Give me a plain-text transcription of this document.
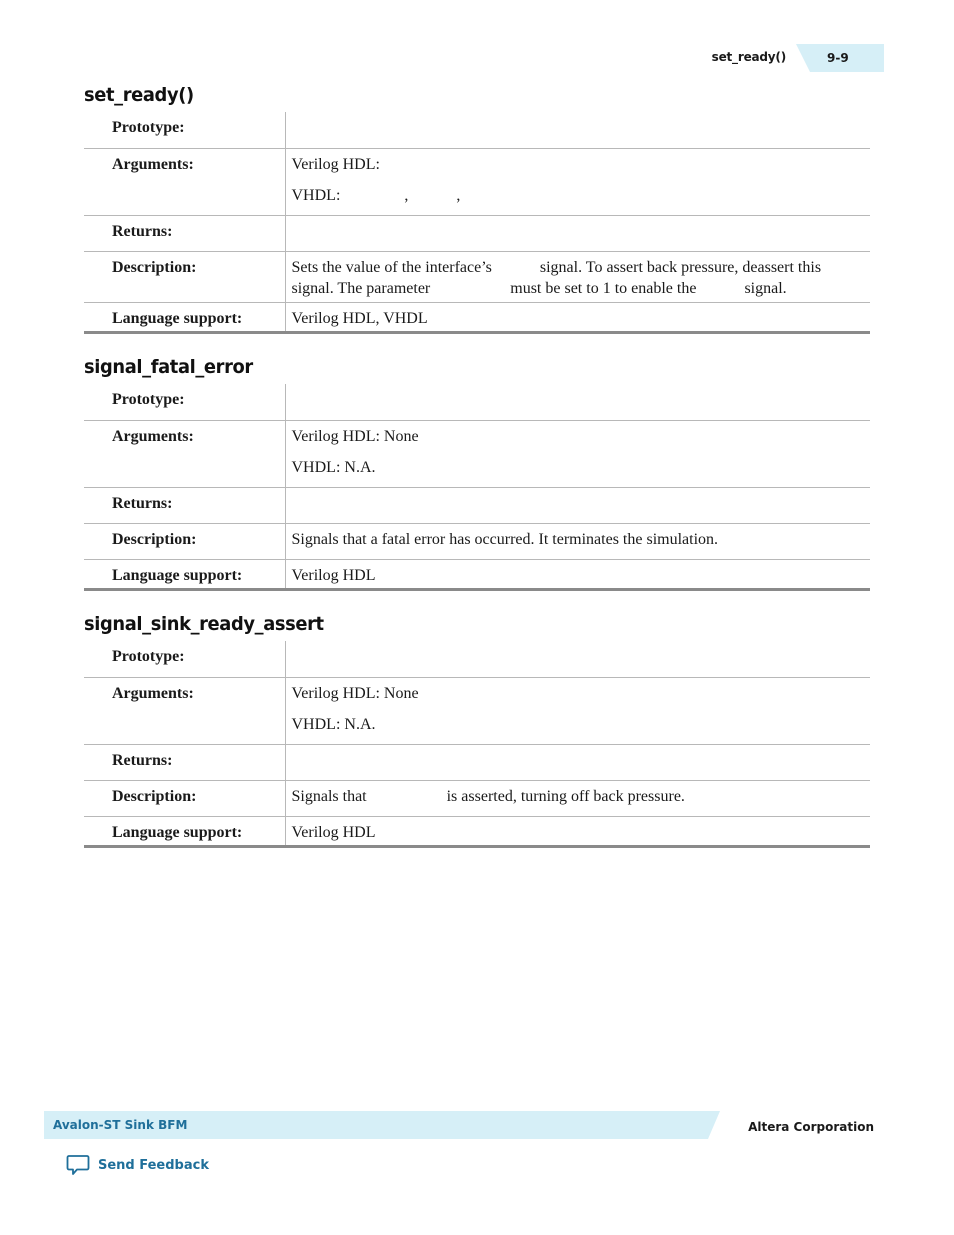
set_ready()	9-9
set_ready()
Prototype:	
Arguments:	Verilog HDL:

VHDL:                ,            ,

Returns:	
Description:	Sets the value of the interface’s            signal. To assert back pressure, deassert this signal. The parameter                    must be set to 1 to enable the            signal.
Language support:	Verilog HDL, VHDL
signal_fatal_error
Prototype:	
Arguments:	Verilog HDL: None

VHDL: N.A.

Returns:	
Description:	Signals that a fatal error has occurred. It terminates the simulation.
Language support:	Verilog HDL
signal_sink_ready_assert
Prototype:	
Arguments:	Verilog HDL: None

VHDL: N.A.

Returns:	
Description:	Signals that                    is asserted, turning off back pressure.
Language support:	Verilog HDL
Avalon-ST Sink BFM	Altera Corporation
Send Feedback
